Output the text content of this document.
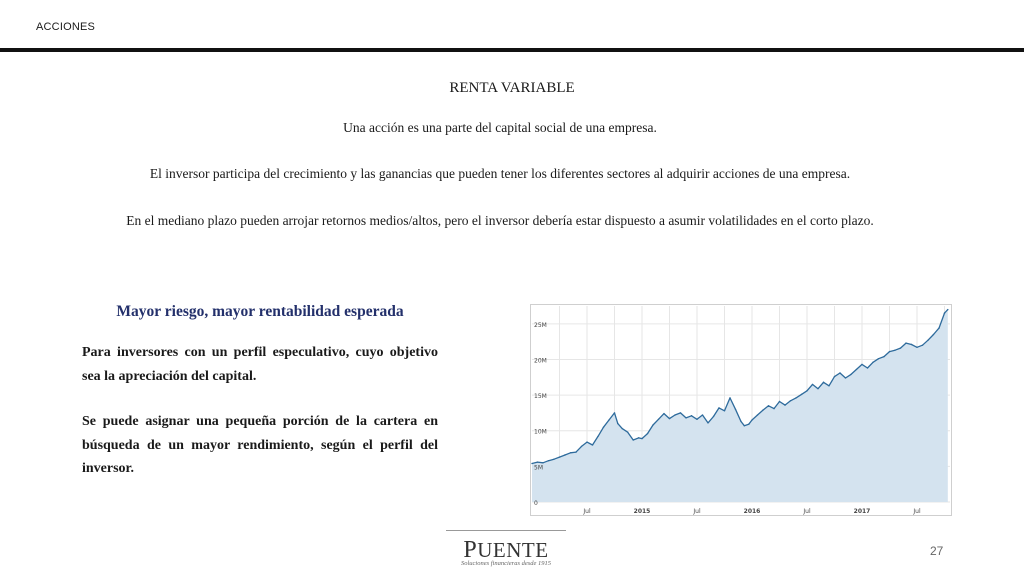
ACCIONES
RENTA VARIABLE
Una acción es una parte del capital social de una empresa.
El inversor participa del crecimiento y las ganancias que pueden tener los diferentes sectores al adquirir acciones de una empresa.
En el mediano plazo pueden arrojar retornos medios/altos, pero el inversor debería estar dispuesto a asumir volatilidades en el corto plazo.
Mayor riesgo, mayor rentabilidad esperada
Para inversores con un perfil especulativo, cuyo objetivo sea la apreciación del capital.
Se puede asignar una pequeña porción de la cartera en búsqueda de un mayor rendimiento, según el perfil del inversor.
0
5M
10M
15M
20M
25M
Jul	2015	Jul	2016	Jul	2017	Jul
PUENTE
Soluciones financieras desde 1915
27
